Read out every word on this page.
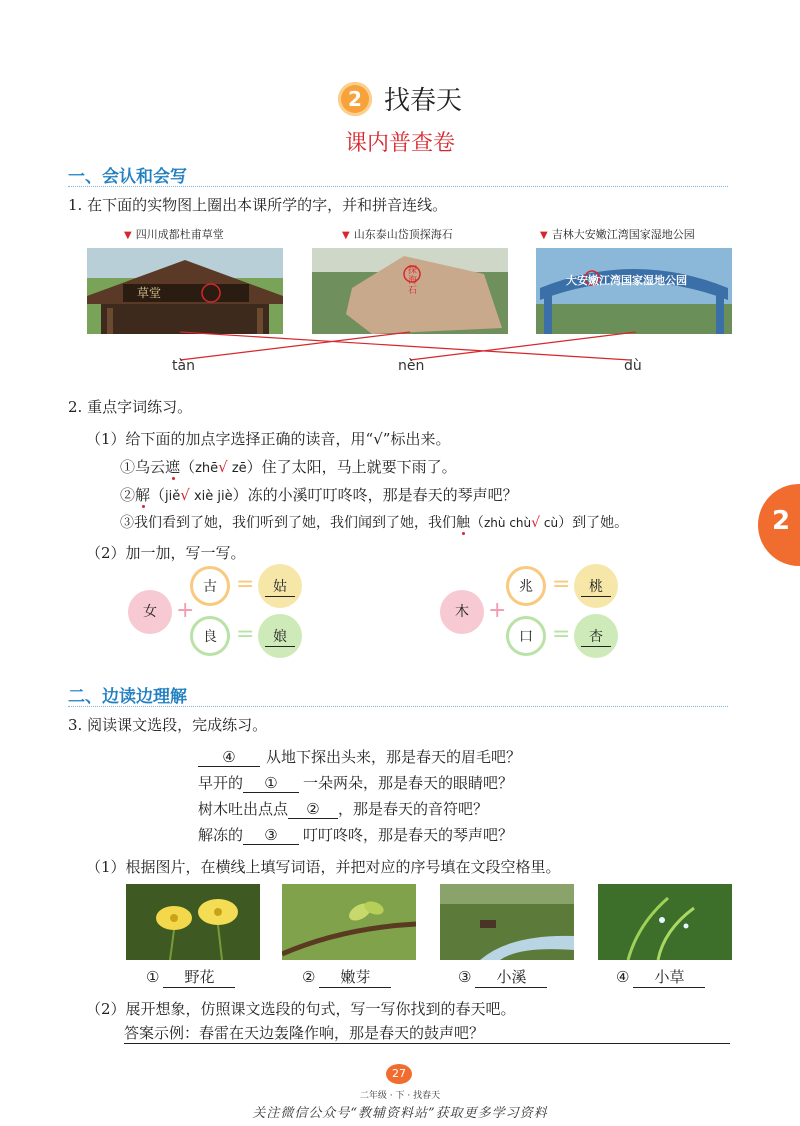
2 找春天
课内普查卷
一、会认和会写
1. 在下面的实物图上圈出本课所学的字，并和拼音连线。
▼ 四川成都杜甫草堂	▼ 山东泰山岱顶探海石	▼ 吉林大安嫩江湾国家湿地公园
草堂
探海石
大安嫩江湾国家湿地公园
tàn	nèn	dù
2. 重点字词练习。
（1）给下面的加点字选择正确的读音，用“√”标出来。
①乌云遮（zhē√ zē）住了太阳，马上就要下雨了。
②解（jiě√ xiè jiè）冻的小溪叮叮咚咚，那是春天的琴声吧？
③我们看到了她，我们听到了她，我们闻到了她，我们触（zhù chù√ cù）到了她。
（2）加一加，写一写。
女 +
古
良
=
=
姑
娘
木 +
兆
口
=
=
桃
杏
2
二、边读边理解
3. 阅读课文选段，完成练习。
④ 从地下探出头来，那是春天的眉毛吧？
早开的 ① 一朵两朵，那是春天的眼睛吧？
树木吐出点点 ② ，那是春天的音符吧？
解冻的 ③ 叮叮咚咚，那是春天的琴声吧？
（1）根据图片，在横线上填写词语，并把对应的序号填在文段空格里。
① 野花	② 嫩芽	③ 小溪	④ 小草
（2）展开想象，仿照课文选段的句式，写一写你找到的春天吧。
答案示例：春雷在天边轰隆作响，那是春天的鼓声吧？
27
二年级 · 下 · 找春天
关注微信公众号“教辅资料站”获取更多学习资料
